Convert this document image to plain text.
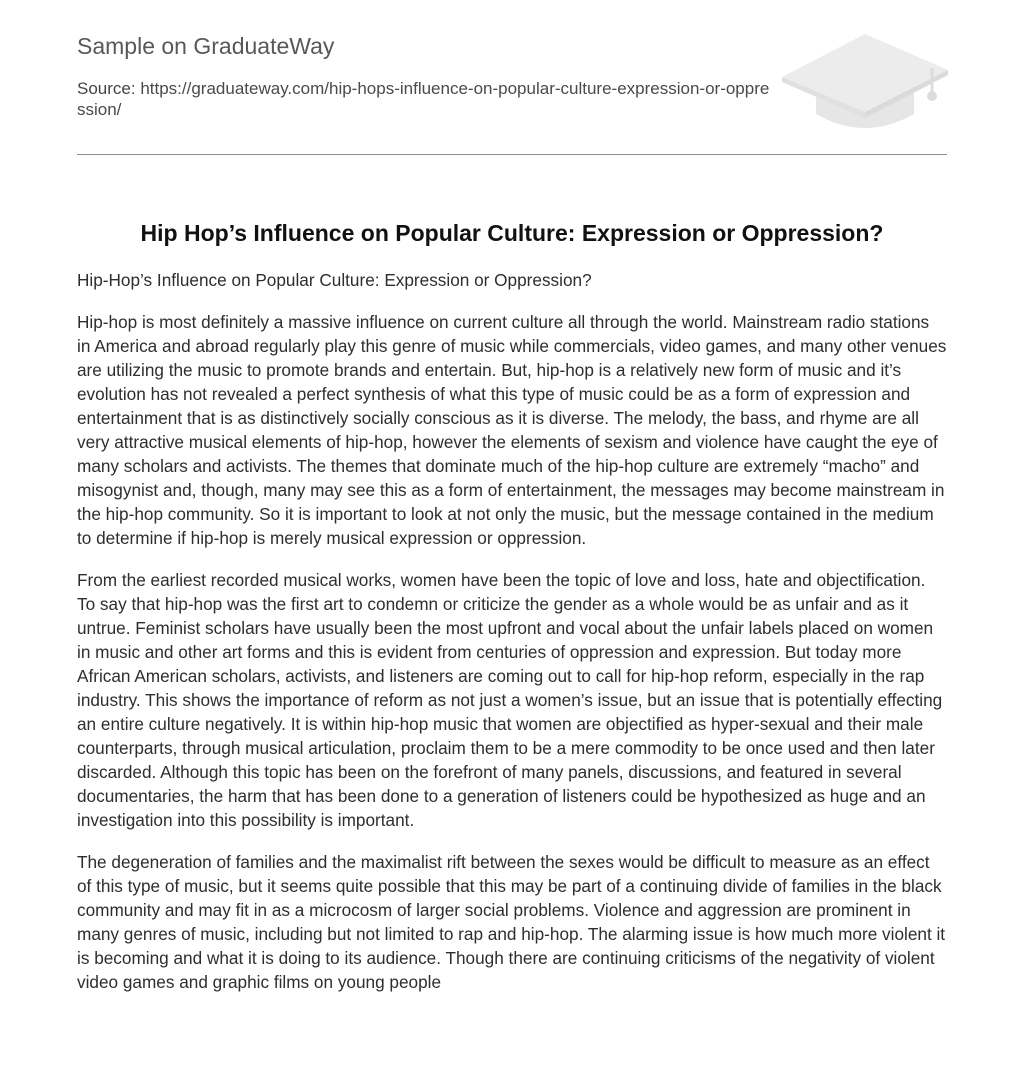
Sample on GraduateWay
Source: https://graduateway.com/hip-hops-influence-on-popular-culture-expression-or-oppression/
Hip Hop’s Influence on Popular Culture: Expression or Oppression?

Hip-Hop’s Influence on Popular Culture: Expression or Oppression?

Hip-hop is most definitely a massive influence on current culture all through the world. Mainstream radio stations in America and abroad regularly play this genre of music while commercials, video games, and many other venues are utilizing the music to promote brands and entertain. But, hip-hop is a relatively new form of music and it’s evolution has not revealed a perfect synthesis of what this type of music could be as a form of expression and entertainment that is as distinctively socially conscious as it is diverse. The melody, the bass, and rhyme are all very attractive musical elements of hip-hop, however the elements of sexism and violence have caught the eye of many scholars and activists. The themes that dominate much of the hip-hop culture are extremely “macho” and misogynist and, though, many may see this as a form of entertainment, the messages may become mainstream in the hip-hop community. So it is important to look at not only the music, but the message contained in the medium to determine if hip-hop is merely musical expression or oppression.

From the earliest recorded musical works, women have been the topic of love and loss, hate and objectification. To say that hip-hop was the first art to condemn or criticize the gender as a whole would be as unfair and as it untrue. Feminist scholars have usually been the most upfront and vocal about the unfair labels placed on women in music and other art forms and this is evident from centuries of oppression and expression. But today more African American scholars, activists, and listeners are coming out to call for hip-hop reform, especially in the rap industry. This shows the importance of reform as not just a women’s issue, but an issue that is potentially effecting an entire culture negatively. It is within hip-hop music that women are objectified as hyper-sexual and their male counterparts, through musical articulation, proclaim them to be a mere commodity to be once used and then later discarded. Although this topic has been on the forefront of many panels, discussions, and featured in several documentaries, the harm that has been done to a generation of listeners could be hypothesized as huge and an investigation into this possibility is important.

The degeneration of families and the maximalist rift between the sexes would be difficult to measure as an effect of this type of music, but it seems quite possible that this may be part of a continuing divide of families in the black community and may fit in as a microcosm of larger social problems. Violence and aggression are prominent in many genres of music, including but not limited to rap and hip-hop. The alarming issue is how much more violent it is becoming and what it is doing to its audience. Though there are continuing criticisms of the negativity of violent video games and graphic films on young people
